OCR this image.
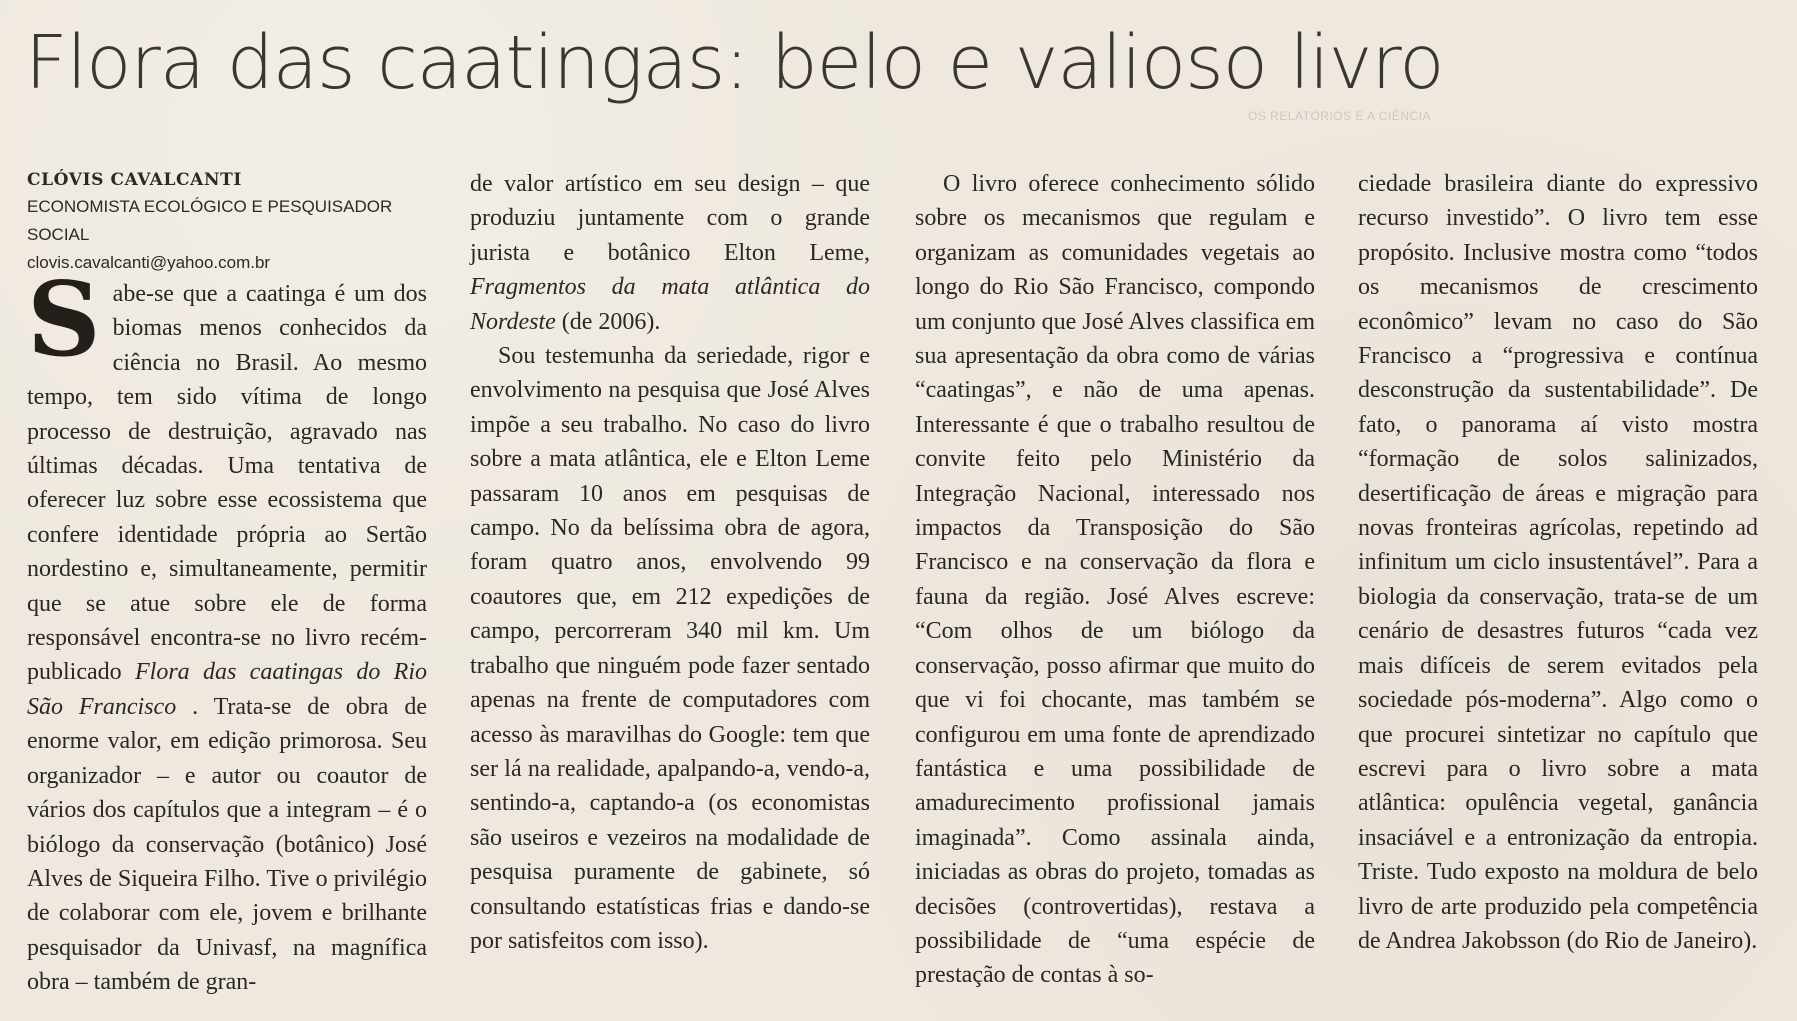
Flora das caatingas: belo e valioso livro
OS RELATÓRIOS E A CIÊNCIA
CLÓVIS CAVALCANTI
ECONOMISTA ECOLÓGICO E PESQUISADOR SOCIAL
clovis.cavalcanti@yahoo.com.br

S abe-se que a caatinga é um dos biomas menos conhecidos da ciência no Brasil. Ao mesmo tempo, tem sido vítima de longo processo de destruição, agravado nas últimas décadas. Uma tentativa de oferecer luz sobre esse ecossistema que confere identidade própria ao Sertão nordestino e, simultaneamente, permitir que se atue sobre ele de forma responsável encontra-se no livro recém-publicado Flora das caatingas do Rio São Francisco . Trata-se de obra de enorme valor, em edição primorosa. Seu organizador – e autor ou coautor de vários dos capítulos que a integram – é o biólogo da conservação (botânico) José Alves de Siqueira Filho. Tive o privilégio de colaborar com ele, jovem e brilhante pesquisador da Univasf, na magnífica obra – também de gran-

de valor artístico em seu design – que produziu juntamente com o grande jurista e botânico Elton Leme, Fragmentos da mata atlântica do Nordeste (de 2006).

Sou testemunha da seriedade, rigor e envolvimento na pesquisa que José Alves impõe a seu trabalho. No caso do livro sobre a mata atlântica, ele e Elton Leme passaram 10 anos em pesquisas de campo. No da belíssima obra de agora, foram quatro anos, envolvendo 99 coautores que, em 212 expedições de campo, percorreram 340 mil km. Um trabalho que ninguém pode fazer sentado apenas na frente de computadores com acesso às maravilhas do Google: tem que ser lá na realidade, apalpando-a, vendo-a, sentindo-a, captando-a (os economistas são useiros e vezeiros na modalidade de pesquisa puramente de gabinete, só consultando estatísticas frias e dando-se por satisfeitos com isso).

O livro oferece conhecimento sólido sobre os mecanismos que regulam e organizam as comunidades vegetais ao longo do Rio São Francisco, compondo um conjunto que José Alves classifica em sua apresentação da obra como de várias “caatingas”, e não de uma apenas. Interessante é que o trabalho resultou de convite feito pelo Ministério da Integração Nacional, interessado nos impactos da Transposição do São Francisco e na conservação da flora e fauna da região. José Alves escreve: “Com olhos de um biólogo da conservação, posso afirmar que muito do que vi foi chocante, mas também se configurou em uma fonte de aprendizado fantástica e uma possibilidade de amadurecimento profissional jamais imaginada”. Como assinala ainda, iniciadas as obras do projeto, tomadas as decisões (controvertidas), restava a possibilidade de “uma espécie de prestação de contas à so-

ciedade brasileira diante do expressivo recurso investido”. O livro tem esse propósito. Inclusive mostra como “todos os mecanismos de crescimento econômico” levam no caso do São Francisco a “progressiva e contínua desconstrução da sustentabilidade”. De fato, o panorama aí visto mostra “formação de solos salinizados, desertificação de áreas e migração para novas fronteiras agrícolas, repetindo ad infinitum um ciclo insustentável”. Para a biologia da conservação, trata-se de um cenário de desastres futuros “cada vez mais difíceis de serem evitados pela sociedade pós-moderna”. Algo como o que procurei sintetizar no capítulo que escrevi para o livro sobre a mata atlântica: opulência vegetal, ganância insaciável e a entronização da entropia. Triste. Tudo exposto na moldura de belo livro de arte produzido pela competência de Andrea Jakobsson (do Rio de Janeiro).
